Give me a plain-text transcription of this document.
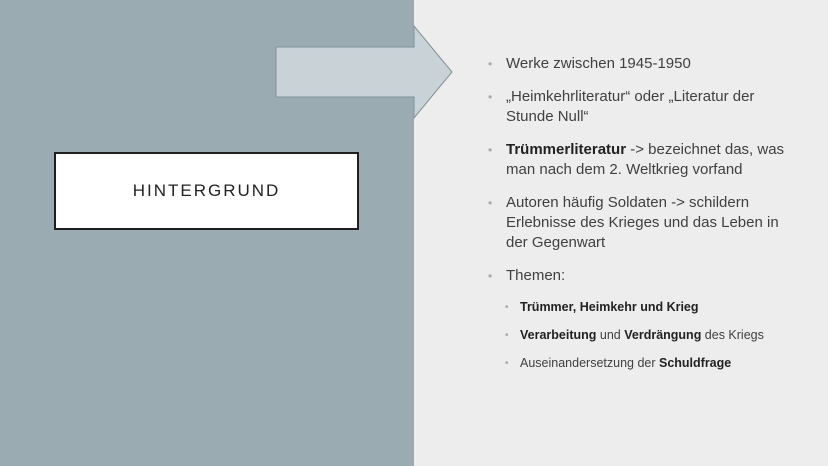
HINTERGRUND
• Werke zwischen 1945-1950
• „Heimkehrliteratur“ oder „Literatur der Stunde Null“
• Trümmerliteratur -> bezeichnet das, was man nach dem 2. Weltkrieg vorfand
• Autoren häufig Soldaten -> schildern Erlebnisse des Krieges und das Leben in der Gegenwart
• Themen:
• Trümmer, Heimkehr und Krieg
• Verarbeitung und Verdrängung des Kriegs
• Auseinandersetzung der Schuldfrage
